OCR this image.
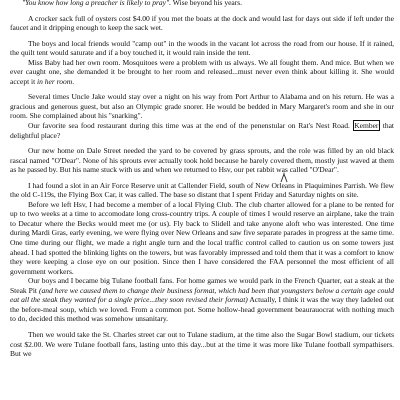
"You know how long a preacher is likely to pray". Wise beyond his years.

A crocker sack full of oysters cost $4.00 if you met the boats at the dock and would last for days out side if left under the faucet and it dripping enough to keep the sack wet.

The boys and local friends would "camp out" in the woods in the vacant lot across the road from our house. If it rained, the quilt tent would saturate and if a boy touched it, it would rain inside the tent.

Miss Baby had her own room. Mosquitoes were a problem with us always. We all fought them. And mice. But when we ever caught one, she demanded it be brought to her room and released...must never even think about killing it. She would accept it in her room.

Several times Uncle Jake would stay over a night on his way from Port Arthur to Alabama and on his return. He was a gracious and generous guest, but also an Olympic grade snorer. He would be bedded in Mary Margaret's room and she in our room. She complained about his "snarking".

Our favorite sea food restaurant during this time was at the end of the penenstular on Rat's Nest Road. Kember that delightful place?

Our new home on Dale Street needed the yard to be covered by grass sprouts, and the role was filled by an old black rascal named "O'Dear". None of his sprouts ever actually took hold because he barely covered them, mostly just waved at them as he passed by. But his name stuck with us and when we returned to Hsv, our pet rabbit was called "O'Dear".

I had found a slot in an Air Force Reserve unit at Callender Field, south of New Orleans in Plaquimines Parrish. We flew the old C-119s, the Flying Box Car, it was called. The base so distant that I spent Friday and Saturday nights on site.

Before we left Hsv, I had become a member of a local Flying Club. The club charter allowed for a plane to be rented for up to two weeks at a time to accomodate long cross-country trips. A couple of times I would reserve an airplane, take the train to Decatur where the Becks would meet me (or us). Fly back to Slidell and take anyone aloft who was interested. One time during Mardi Gras, early evening, we were flying over New Orleans and saw five separate parades in progress at the same time. One time during our flight, we made a right angle turn and the local traffic control called to caution us on some towers just ahead. I had spotted the blinking lights on the towers, but was favorably impressed and told them that it was a comfort to know they were keeping a close eye on our position. Since then I have considered the FAA personnel the most efficient of all government workers.

Our boys and I became big Tulane football fans. For home games we would park in the French Quarter, eat a steak at the Steak Pit (and here we caused them to change their business format, which had been that youngsters below a certain age could eat all the steak they wanted for a single price...they soon revised their format) Actually, I think it was the way they ladeled out the before-meal soup, which we loved. From a common pot. Some hollow-head government beaurauocrat with nothing much to do, decided this method was somehow unsanitary.

Then we would take the St. Charles street car out to Tulane stadium, at the time also the Sugar Bowl stadium, our tickets cost $2.00. We were Tulane football fans, lasting unto this day...but at the time it was more like Tulane football sympathisers. But we
